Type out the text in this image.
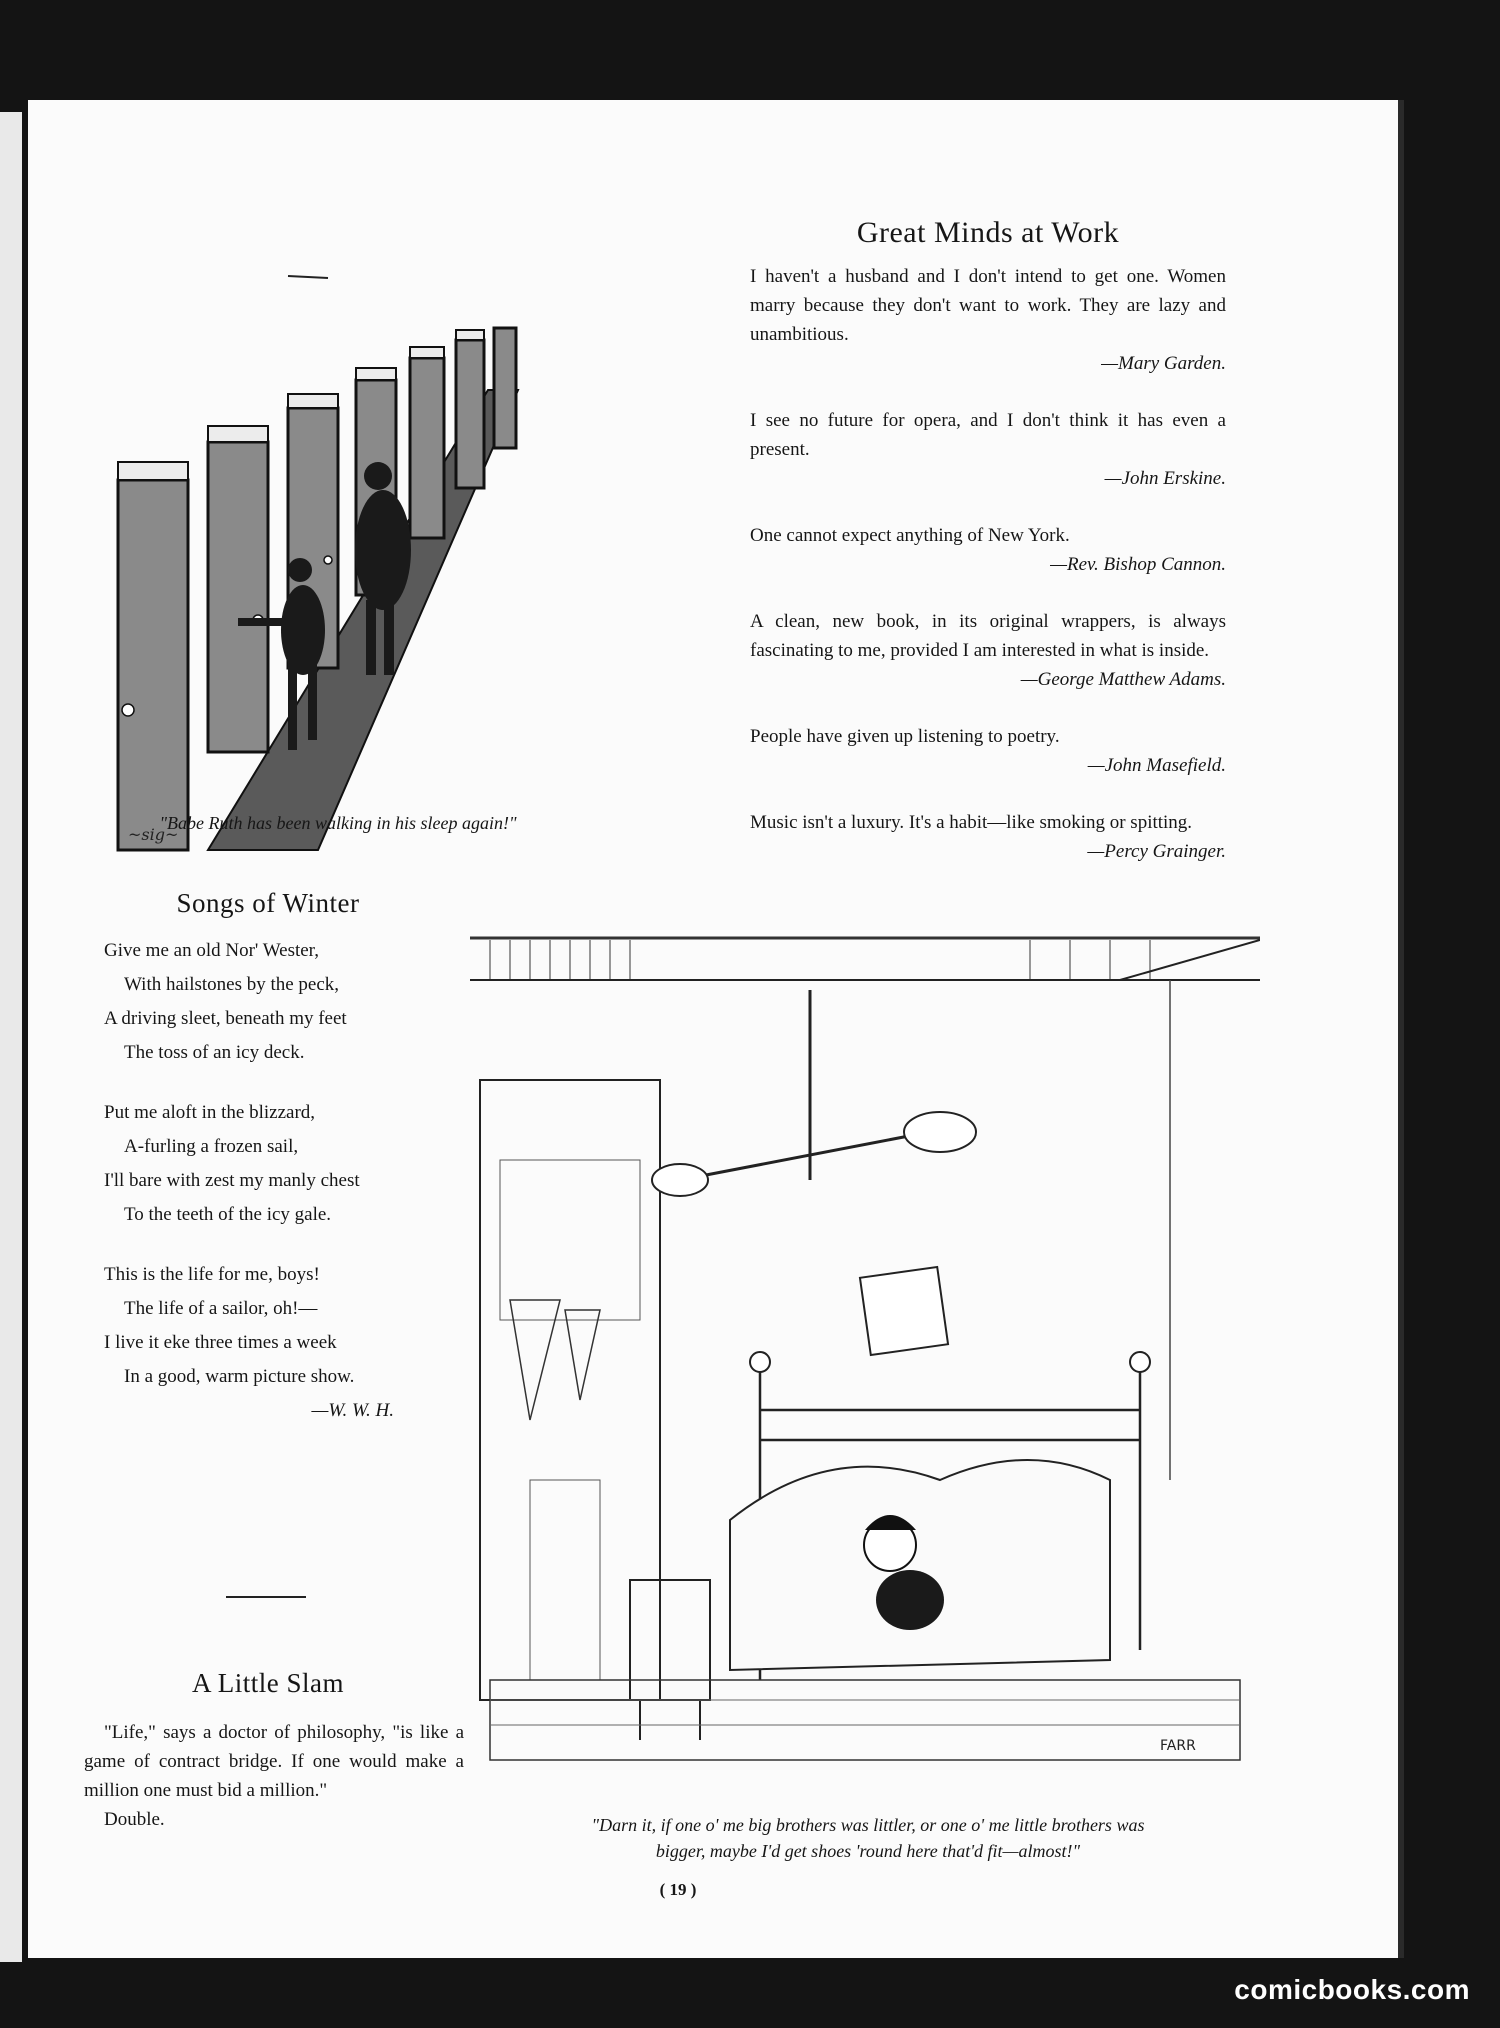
~sig~
"Babe Ruth has been walking in his sleep again!"
Great Minds at Work

I haven't a husband and I don't intend to get one. Women marry because they don't want to work. They are lazy and unambitious.

—Mary Garden.

I see no future for opera, and I don't think it has even a present.

—John Erskine.

One cannot expect anything of New York.

—Rev. Bishop Cannon.

A clean, new book, in its original wrappers, is always fascinating to me, provided I am interested in what is inside.

—George Matthew Adams.

People have given up listening to poetry.

—John Masefield.

Music isn't a luxury. It's a habit—like smoking or spitting.

—Percy Grainger.

Songs of Winter

Give me an old Nor' Wester,

With hailstones by the peck,

A driving sleet, beneath my feet

The toss of an icy deck.

Put me aloft in the blizzard,

A-furling a frozen sail,

I'll bare with zest my manly chest

To the teeth of the icy gale.

This is the life for me, boys!

The life of a sailor, oh!—

I live it eke three times a week

In a good, warm picture show.

—W. W. H.

A Little Slam

"Life," says a doctor of philosophy, "is like a game of contract bridge. If one would make a million one must bid a million."

Double.

FARR
"Darn it, if one o' me big brothers was littler, or one o' me little brothers was
bigger, maybe I'd get shoes 'round here that'd fit—almost!"
( 19 )
comicbooks.com
